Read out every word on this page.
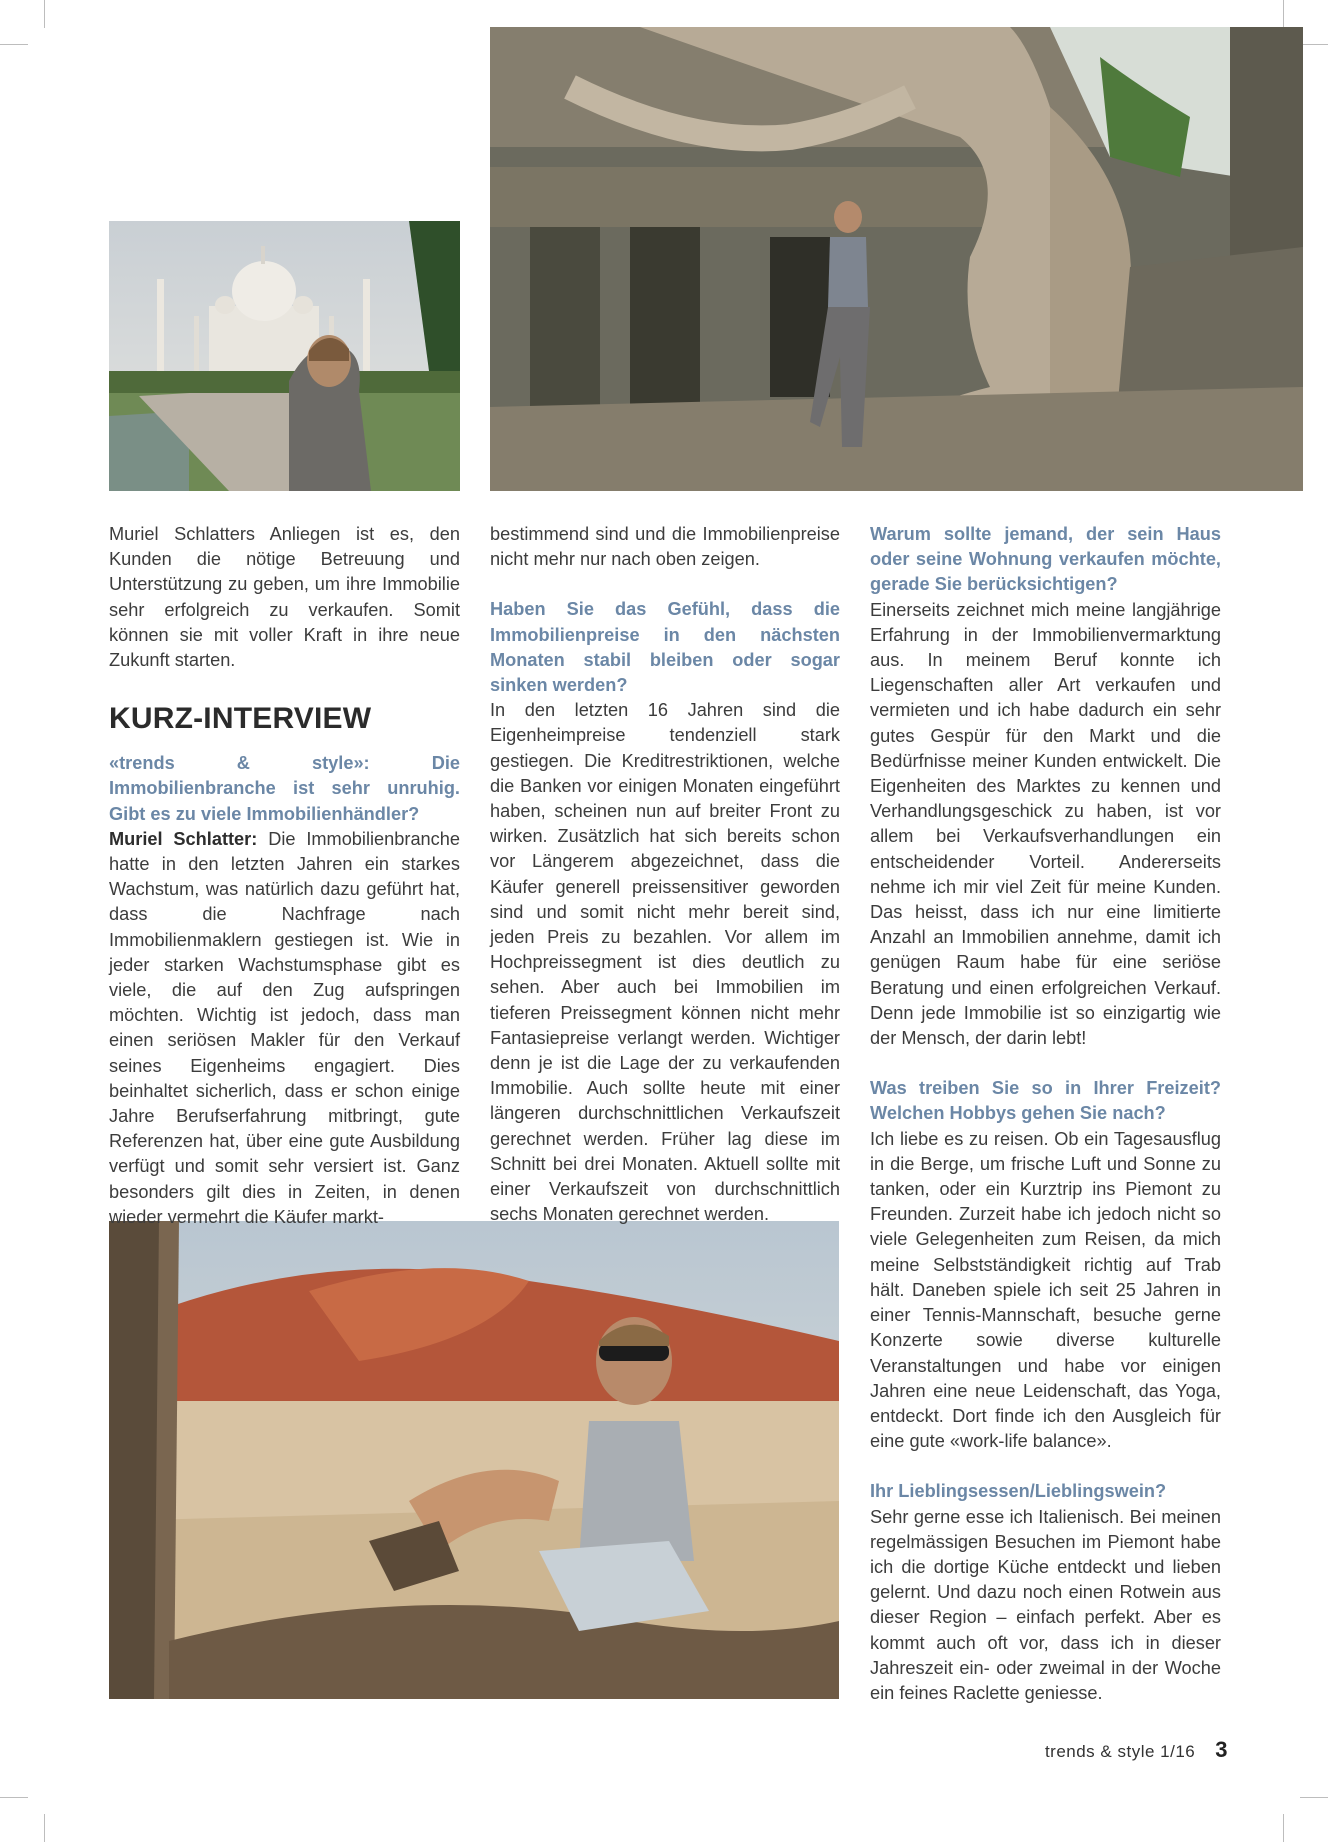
Muriel Schlatters Anliegen ist es, den Kunden die nötige Betreuung und Unterstützung zu geben, um ihre Immobilie sehr erfolgreich zu verkaufen. Somit können sie mit voller Kraft in ihre neue Zukunft starten.

KURZ-INTERVIEW

«trends & style»: Die Immobilienbranche ist sehr unruhig. Gibt es zu viele Immobilienhändler?

Muriel Schlatter: Die Immobilienbranche hatte in den letzten Jahren ein starkes Wachstum, was natürlich dazu geführt hat, dass die Nachfrage nach Immobilienmaklern gestiegen ist. Wie in jeder starken Wachstumsphase gibt es viele, die auf den Zug aufspringen möchten. Wichtig ist jedoch, dass man einen seriösen Makler für den Verkauf seines Eigenheims engagiert. Dies beinhaltet sicherlich, dass er schon einige Jahre Berufserfahrung mitbringt, gute Referenzen hat, über eine gute Ausbildung verfügt und somit sehr versiert ist. Ganz besonders gilt dies in Zeiten, in denen wieder vermehrt die Käufer markt-

bestimmend sind und die Immobilienpreise nicht mehr nur nach oben zeigen.

Haben Sie das Gefühl, dass die Immobilienpreise in den nächsten Monaten stabil bleiben oder sogar sinken werden?

In den letzten 16 Jahren sind die Eigenheimpreise tendenziell stark gestiegen. Die Kreditrestriktionen, welche die Banken vor einigen Monaten eingeführt haben, scheinen nun auf breiter Front zu wirken. Zusätzlich hat sich bereits schon vor Längerem abgezeichnet, dass die Käufer generell preissensitiver geworden sind und somit nicht mehr bereit sind, jeden Preis zu bezahlen. Vor allem im Hochpreissegment ist dies deutlich zu sehen. Aber auch bei Immobilien im tieferen Preissegment können nicht mehr Fantasiepreise verlangt werden. Wichtiger denn je ist die Lage der zu verkaufenden Immobilie. Auch sollte heute mit einer längeren durchschnittlichen Verkaufszeit gerechnet werden. Früher lag diese im Schnitt bei drei Monaten. Aktuell sollte mit einer Verkaufszeit von durchschnittlich sechs Monaten gerechnet werden.

Warum sollte jemand, der sein Haus oder seine Wohnung verkaufen möchte, gerade Sie berücksichtigen?

Einerseits zeichnet mich meine langjährige Erfahrung in der Immobilienvermarktung aus. In meinem Beruf konnte ich Liegenschaften aller Art verkaufen und vermieten und ich habe dadurch ein sehr gutes Gespür für den Markt und die Bedürfnisse meiner Kunden entwickelt. Die Eigenheiten des Marktes zu kennen und Verhandlungsgeschick zu haben, ist vor allem bei Verkaufsverhandlungen ein entscheidender Vorteil. Andererseits nehme ich mir viel Zeit für meine Kunden. Das heisst, dass ich nur eine limitierte Anzahl an Immobilien annehme, damit ich genügen Raum habe für eine seriöse Beratung und einen erfolgreichen Verkauf. Denn jede Immobilie ist so einzigartig wie der Mensch, der darin lebt!

Was treiben Sie so in Ihrer Freizeit? Welchen Hobbys gehen Sie nach?

Ich liebe es zu reisen. Ob ein Tagesausflug in die Berge, um frische Luft und Sonne zu tanken, oder ein Kurztrip ins Piemont zu Freunden. Zurzeit habe ich jedoch nicht so viele Gelegenheiten zum Reisen, da mich meine Selbstständigkeit richtig auf Trab hält. Daneben spiele ich seit 25 Jahren in einer Tennis-Mannschaft, besuche gerne Konzerte sowie diverse kulturelle Veranstaltungen und habe vor einigen Jahren eine neue Leidenschaft, das Yoga, entdeckt. Dort finde ich den Ausgleich für eine gute «work-life balance».

Ihr Lieblingsessen/Lieblingswein?

Sehr gerne esse ich Italienisch. Bei meinen regelmässigen Besuchen im Piemont habe ich die dortige Küche entdeckt und lieben gelernt. Und dazu noch einen Rotwein aus dieser Region – einfach perfekt. Aber es kommt auch oft vor, dass ich in dieser Jahreszeit ein- oder zweimal in der Woche ein feines Raclette geniesse.

trends & style 1/16 3
